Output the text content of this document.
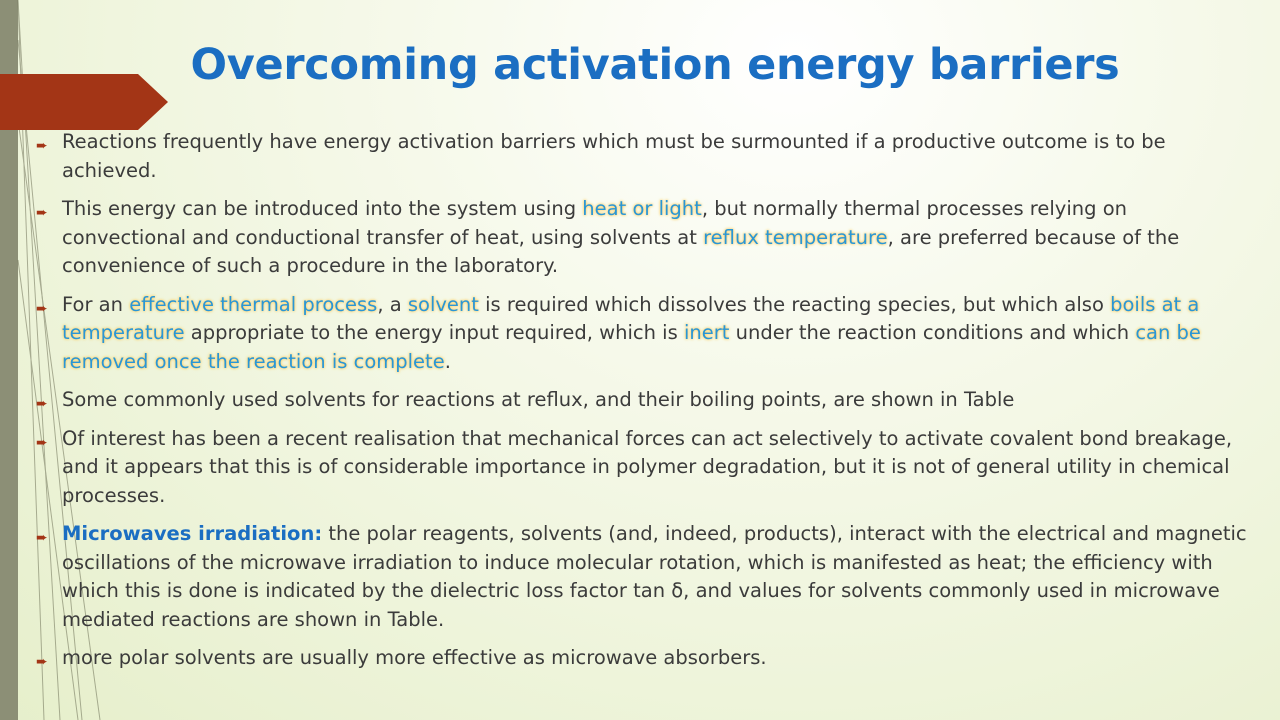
Overcoming activation energy barriers
➨ Reactions frequently have energy activation barriers which must be surmounted if a productive outcome is to be achieved.
➨ This energy can be introduced into the system using heat or light, but normally thermal processes relying on convectional and conductional transfer of heat, using solvents at reflux temperature, are preferred because of the convenience of such a procedure in the laboratory.
➨ For an effective thermal process, a solvent is required which dissolves the reacting species, but which also boils at a temperature appropriate to the energy input required, which is inert under the reaction conditions and which can be removed once the reaction is complete.
➨ Some commonly used solvents for reactions at reflux, and their boiling points, are shown in Table
➨ Of interest has been a recent realisation that mechanical forces can act selectively to activate covalent bond breakage, and it appears that this is of considerable importance in polymer degradation, but it is not of general utility in chemical processes.
➨ Microwaves irradiation: the polar reagents, solvents (and, indeed, products), interact with the electrical and magnetic oscillations of the microwave irradiation to induce molecular rotation, which is manifested as heat; the efficiency with which this is done is indicated by the dielectric loss factor tan δ, and values for solvents commonly used in microwave mediated reactions are shown in Table.
➨ more polar solvents are usually more effective as microwave absorbers.
